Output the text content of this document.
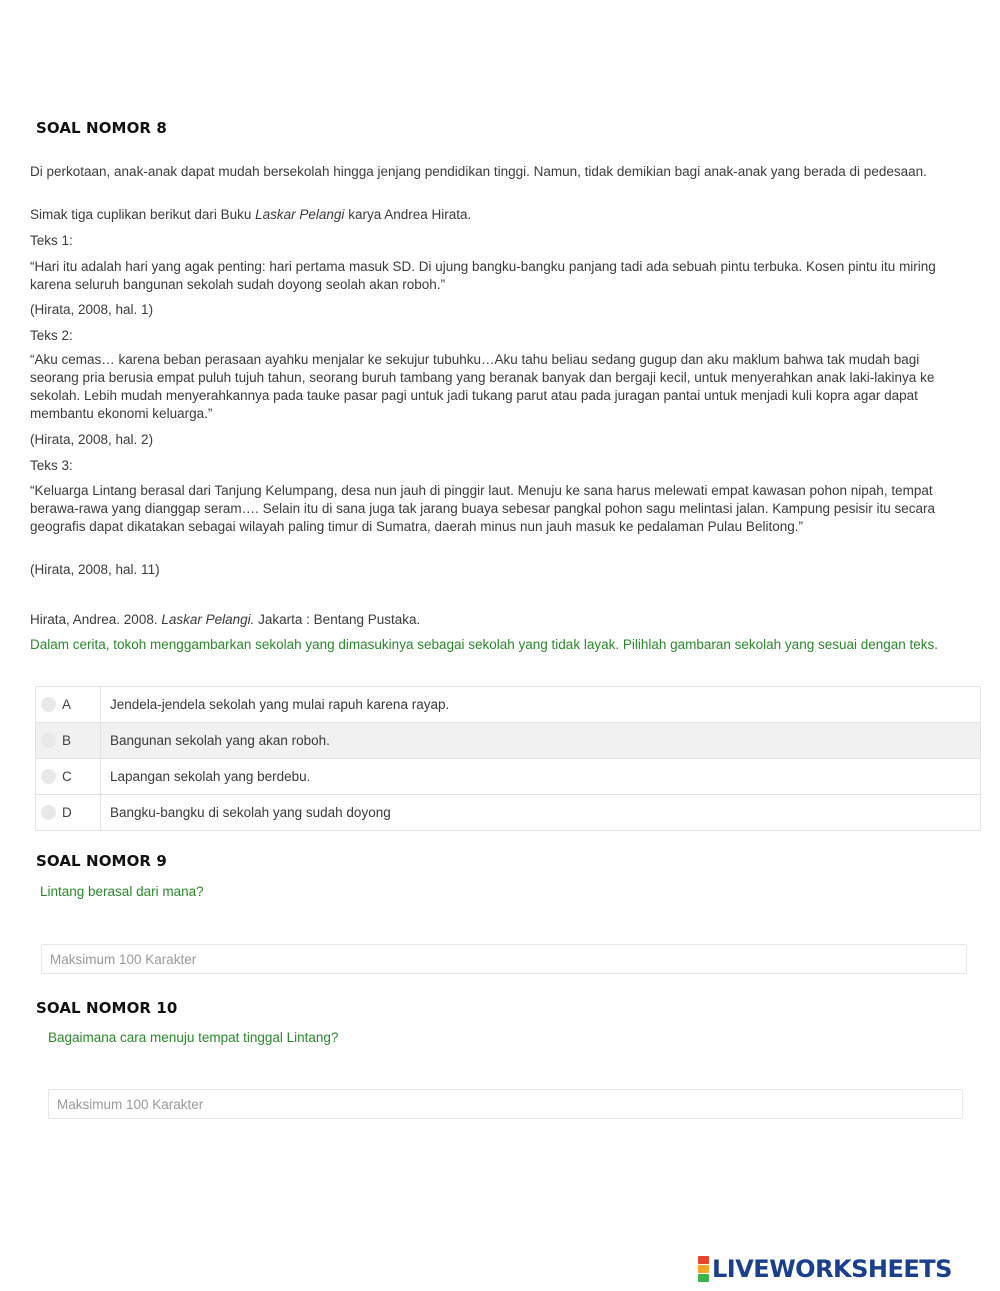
SOAL NOMOR 8
Di perkotaan, anak-anak dapat mudah bersekolah hingga jenjang pendidikan tinggi. Namun, tidak demikian bagi anak-anak yang berada di pedesaan.
Simak tiga cuplikan berikut dari Buku Laskar Pelangi karya Andrea Hirata.
Teks 1:
“Hari itu adalah hari yang agak penting: hari pertama masuk SD. Di ujung bangku-bangku panjang tadi ada sebuah pintu terbuka. Kosen pintu itu miring karena seluruh bangunan sekolah sudah doyong seolah akan roboh.”
(Hirata, 2008, hal. 1)
Teks 2:
“Aku cemas… karena beban perasaan ayahku menjalar ke sekujur tubuhku…Aku tahu beliau sedang gugup dan aku maklum bahwa tak mudah bagi seorang pria berusia empat puluh tujuh tahun, seorang buruh tambang yang beranak banyak dan bergaji kecil, untuk menyerahkan anak laki-lakinya ke sekolah. Lebih mudah menyerahkannya pada tauke pasar pagi untuk jadi tukang parut atau pada juragan pantai untuk menjadi kuli kopra agar dapat membantu ekonomi keluarga.”
(Hirata, 2008, hal. 2)
Teks 3:
“Keluarga Lintang berasal dari Tanjung Kelumpang, desa nun jauh di pinggir laut. Menuju ke sana harus melewati empat kawasan pohon nipah, tempat berawa-rawa yang dianggap seram…. Selain itu di sana juga tak jarang buaya sebesar pangkal pohon sagu melintasi jalan. Kampung pesisir itu secara geografis dapat dikatakan sebagai wilayah paling timur di Sumatra, daerah minus nun jauh masuk ke pedalaman Pulau Belitong.”
(Hirata, 2008, hal. 11)
Hirata, Andrea. 2008. Laskar Pelangi. Jakarta : Bentang Pustaka.
Dalam cerita, tokoh menggambarkan sekolah yang dimasukinya sebagai sekolah yang tidak layak. Pilihlah gambaran sekolah yang sesuai dengan teks.
A	Jendela-jendela sekolah yang mulai rapuh karena rayap.
B	Bangunan sekolah yang akan roboh.
C	Lapangan sekolah yang berdebu.
D	Bangku-bangku di sekolah yang sudah doyong
SOAL NOMOR 9
Lintang berasal dari mana?
Maksimum 100 Karakter
SOAL NOMOR 10
Bagaimana cara menuju tempat tinggal Lintang?
Maksimum 100 Karakter
LIVEWORKSHEETS
